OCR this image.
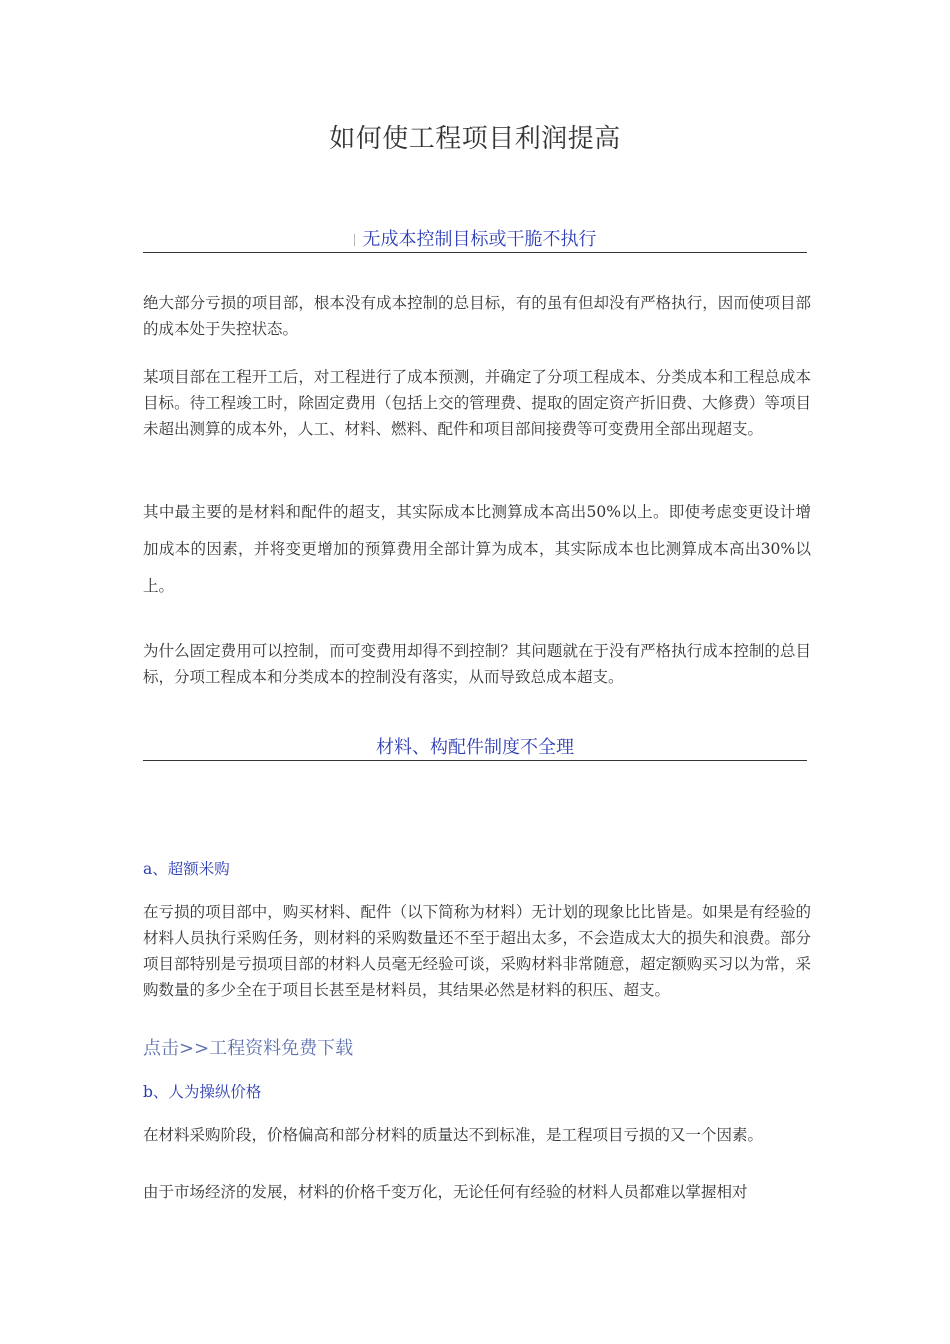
如何使工程项目利润提高
无成本控制目标或干脆不执行

绝大部分亏损的项目部，根本没有成本控制的总目标，有的虽有但却没有严格执行，因而使项目部的成本处于失控状态。

某项目部在工程开工后，对工程进行了成本预测，并确定了分项工程成本、分类成本和工程总成本目标。待工程竣工时，除固定费用（包括上交的管理费、提取的固定资产折旧费、大修费）等项目未超出测算的成本外，人工、材料、燃料、配件和项目部间接费等可变费用全部出现超支。

其中最主要的是材料和配件的超支，其实际成本比测算成本高出50%以上。即使考虑变更设计增加成本的因素，并将变更增加的预算费用全部计算为成本，其实际成本也比测算成本高出30%以上。

为什么固定费用可以控制，而可变费用却得不到控制？其问题就在于没有严格执行成本控制的总目标，分项工程成本和分类成本的控制没有落实，从而导致总成本超支。

材料、构配件制度不全理
a、超额米购

在亏损的项目部中，购买材料、配件（以下简称为材料）无计划的现象比比皆是。如果是有经验的材料人员执行采购任务，则材料的采购数量还不至于超出太多，不会造成太大的损失和浪费。部分项目部特别是亏损项目部的材料人员毫无经验可谈，采购材料非常随意，超定额购买习以为常，采购数量的多少全在于项目长甚至是材料员，其结果必然是材料的积压、超支。

点击>>工程资料免费下载
b、人为操纵价格

在材料采购阶段，价格偏高和部分材料的质量达不到标准，是工程项目亏损的又一个因素。

由于市场经济的发展，材料的价格千变万化，无论任何有经验的材料人员都难以掌握相对
